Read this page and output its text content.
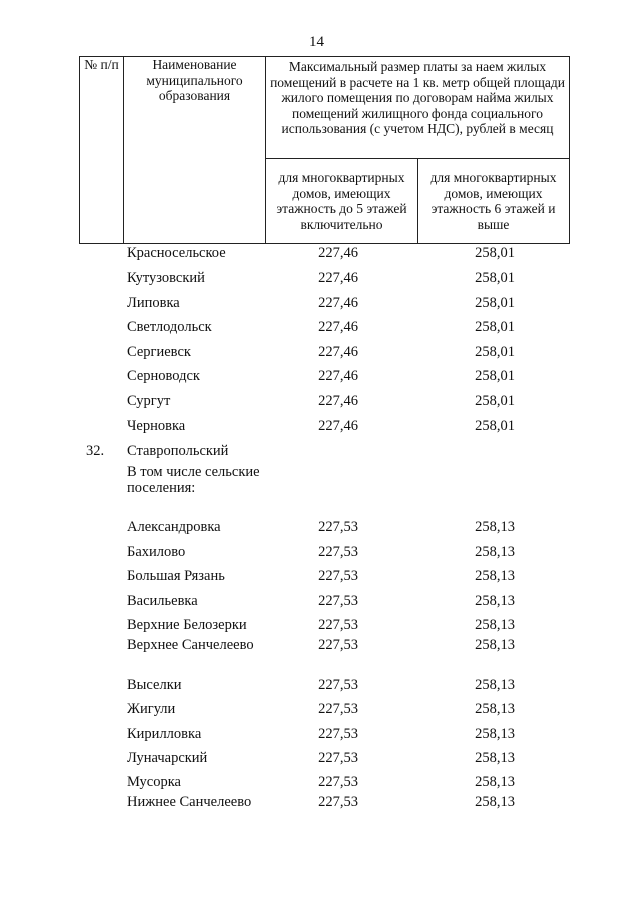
14
№ п/п	Наименование муниципального образования	Максимальный размер платы за наем жилых помещений в расчете на 1 кв. метр общей площади жилого помещения по договорам найма жилых помещений жилищного фонда социального использования (с учетом НДС), рублей в месяц	
		для многоквартирных домов, имеющих этажность до 5 этажей включительно	для многоквартирных домов, имеющих этажность 6 этажей и выше
Красносельское	227,46	258,01
Кутузовский	227,46	258,01
Липовка	227,46	258,01
Светлодольск	227,46	258,01
Сергиевск	227,46	258,01
Серноводск	227,46	258,01
Сургут	227,46	258,01
Черновка	227,46	258,01
32. Ставропольский
В том числе сельские поселения:
Александровка	227,53	258,13
Бахилово	227,53	258,13
Большая Рязань	227,53	258,13
Васильевка	227,53	258,13
Верхние Белозерки	227,53	258,13
Верхнее Санчелеево	227,53	258,13
Выселки	227,53	258,13
Жигули	227,53	258,13
Кирилловка	227,53	258,13
Луначарский	227,53	258,13
Мусорка	227,53	258,13
Нижнее Санчелеево	227,53	258,13
